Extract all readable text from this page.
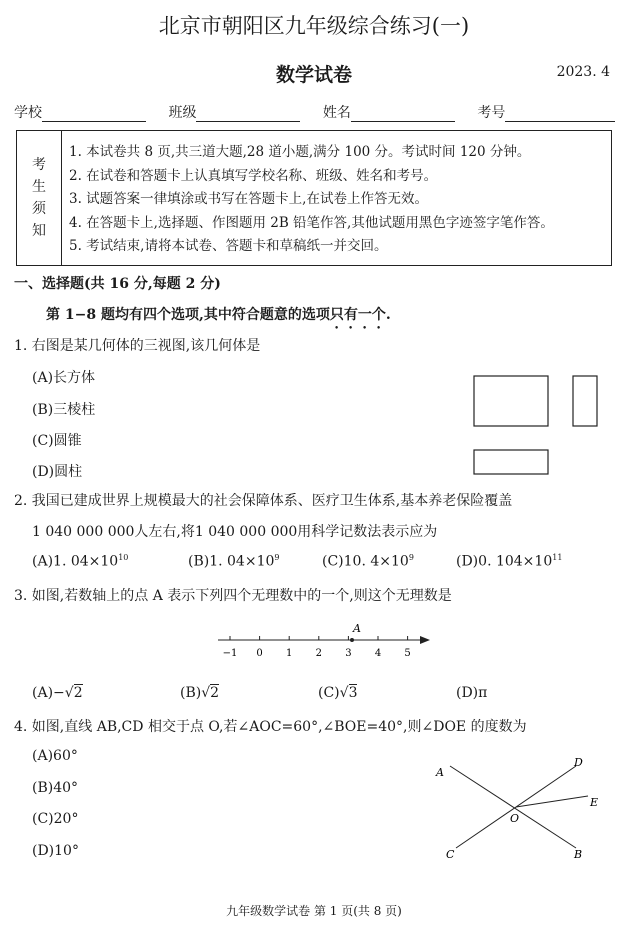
北京市朝阳区九年级综合练习(一)
数学试卷	2023. 4
学校	班级	姓名	考号
考
生
须
知
1. 本试卷共 8 页,共三道大题,28 道小题,满分 100 分。考试时间 120 分钟。
2. 在试卷和答题卡上认真填写学校名称、班级、姓名和考号。
3. 试题答案一律填涂或书写在答题卡上,在试卷上作答无效。
4. 在答题卡上,选择题、作图题用 2B 铅笔作答,其他试题用黑色字迹签字笔作答。
5. 考试结束,请将本试卷、答题卡和草稿纸一并交回。
一、选择题(共 16 分,每题 2 分)
第 1−8 题均有四个选项,其中符合题意的选项只有一个.
1. 右图是某几何体的三视图,该几何体是
(A)长方体
(B)三棱柱
(C)圆锥
(D)圆柱
2. 我国已建成世界上规模最大的社会保障体系、医疗卫生体系,基本养老保险覆盖
1 040 000 000人左右,将1 040 000 000用科学记数法表示应为
(A)1. $04\times 10^{10}$	(B)1. $04\times 10^9$	(C)10. $4\times 10^9$	(D)0. $104\times 10^{11}$
3. 如图,若数轴上的点 A 表示下列四个无理数中的一个,则这个无理数是
A
−1 0 1 2 3 4 5
(A)−√2	(B)√2	(C)√3	(D)π
4. 如图,直线 AB,CD 相交于点 O,若∠AOC=60°,∠BOE=40°,则∠DOE 的度数为
(A)60°
(B)40°
(C)20°
(D)10°
A
B
C
D
E
O
九年级数学试卷 第 1 页(共 8 页)
